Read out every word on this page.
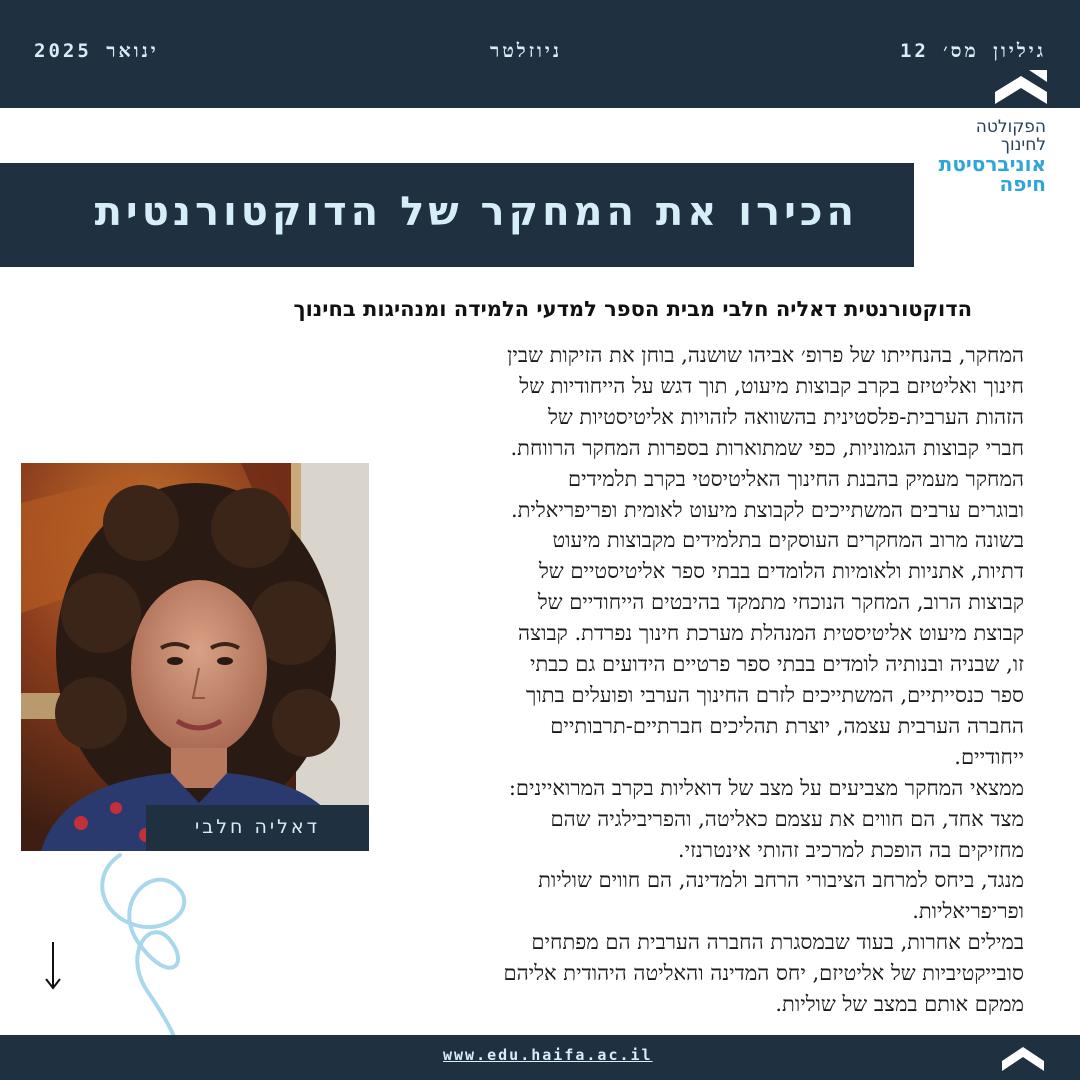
ינואר 2025	ניוזלטר	גיליון מס׳ 12
הפקולטה
לחינוך
אוניברסיטת
חיפה
הכירו את המחקר של הדוקטורנטית
הדוקטורנטית דאליה חלבי מבית הספר למדעי הלמידה ומנהיגות בחינוך
המחקר, בהנחייתו של פרופ׳ אביהו שושנה, בוחן את הזיקות שבין
חינוך ואליטיזם בקרב קבוצות מיעוט, תוך דגש על הייחודיות של
הזהות הערבית-פלסטינית בהשוואה לזהויות אליטיסטיות של
חברי קבוצות הגמוניות, כפי שמתוארות בספרות המחקר הרווחת.
המחקר מעמיק בהבנת החינוך האליטיסטי בקרב תלמידים
ובוגרים ערבים המשתייכים לקבוצת מיעוט לאומית ופריפריאלית.
בשונה מרוב המחקרים העוסקים בתלמידים מקבוצות מיעוט
דתיות, אתניות ולאומיות הלומדים בבתי ספר אליטיסטיים של
קבוצות הרוב, המחקר הנוכחי מתמקד בהיבטים הייחודיים של
קבוצת מיעוט אליטיסטית המנהלת מערכת חינוך נפרדת. קבוצה
זו, שבניה ובנותיה לומדים בבתי ספר פרטיים הידועים גם כבתי
ספר כנסייתיים, המשתייכים לזרם החינוך הערבי ופועלים בתוך
החברה הערבית עצמה, יוצרת תהליכים חברתיים-תרבותיים
ייחודיים.
ממצאי המחקר מצביעים על מצב של דואליות בקרב המרואיינים:
מצד אחד, הם חווים את עצמם כאליטה, והפריבילגיה שהם
מחזיקים בה הופכת למרכיב זהותי אינטרנזי.
מנגד, ביחס למרחב הציבורי הרחב ולמדינה, הם חווים שוליות
ופריפריאליות.
במילים אחרות, בעוד שבמסגרת החברה הערבית הם מפתחים
סובייקטיביות של אליטיזם, יחס המדינה והאליטה היהודית אליהם
ממקם אותם במצב של שוליות.
דאליה חלבי
www.edu.haifa.ac.il
